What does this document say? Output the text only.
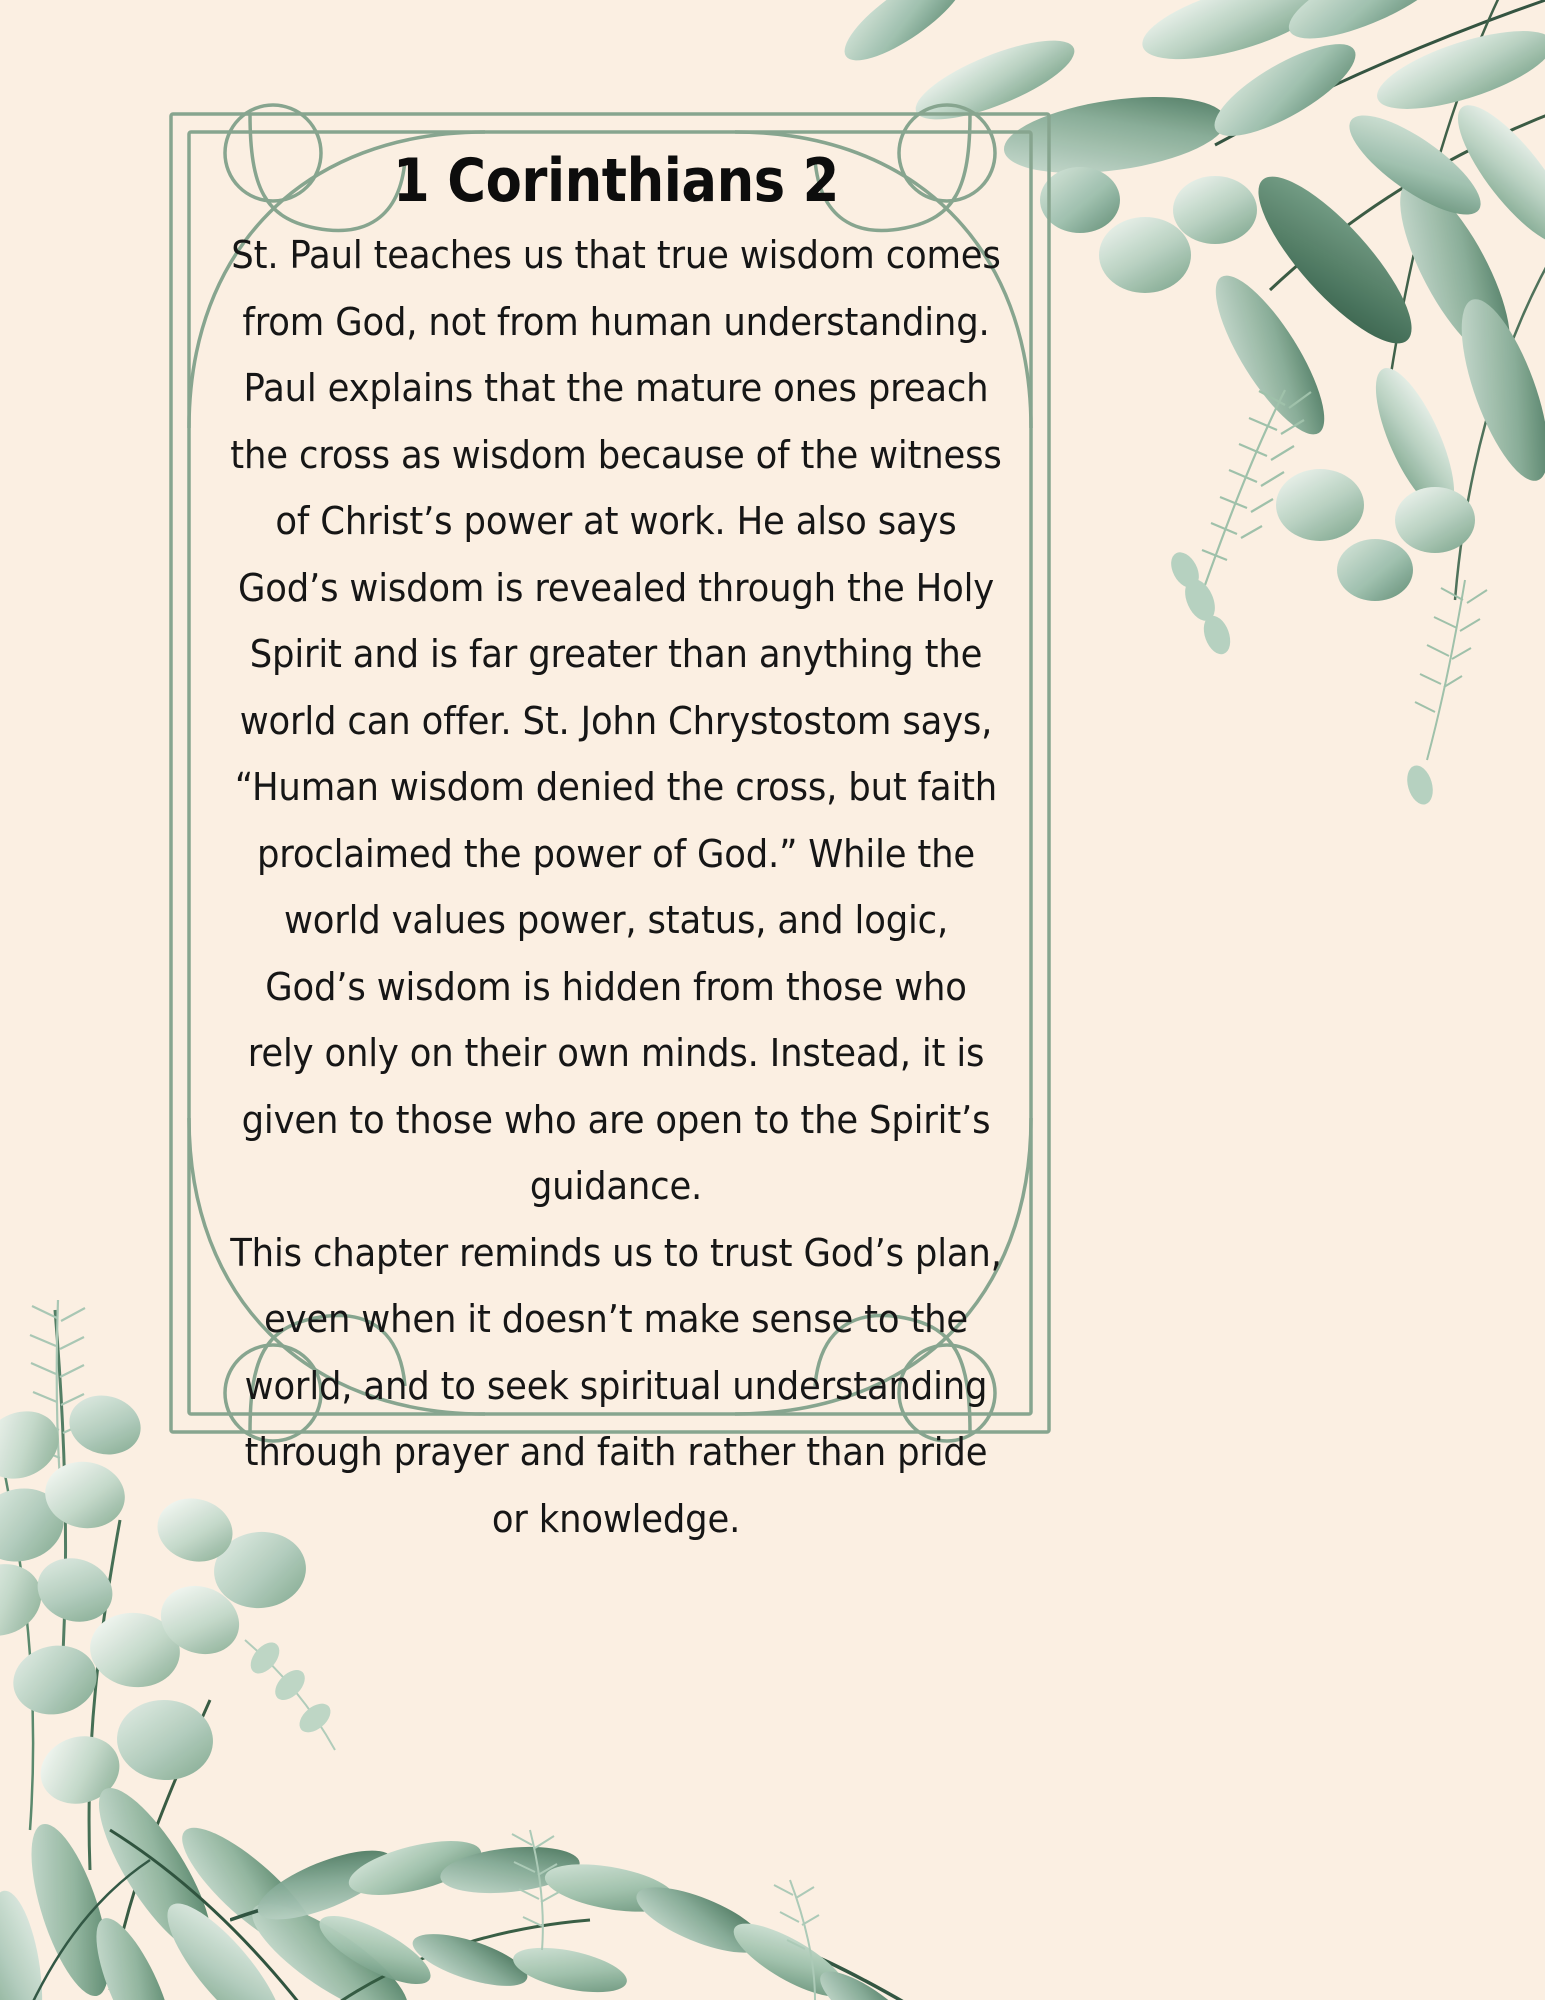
1 Corinthians 2

St. Paul teaches us that true wisdom comes from God, not from human understanding. Paul explains that the mature ones preach the cross as wisdom because of the witness of Christ’s power at work. He also says God’s wisdom is revealed through the Holy Spirit and is far greater than anything the world can offer. St. John Chrystostom says, “Human wisdom denied the cross, but faith proclaimed the power of God.” While the world values power, status, and logic, God’s wisdom is hidden from those who rely only on their own minds. Instead, it is given to those who are open to the Spirit’s guidance.

This chapter reminds us to trust God’s plan, even when it doesn’t make sense to the world, and to seek spiritual understanding through prayer and faith rather than pride or knowledge.
